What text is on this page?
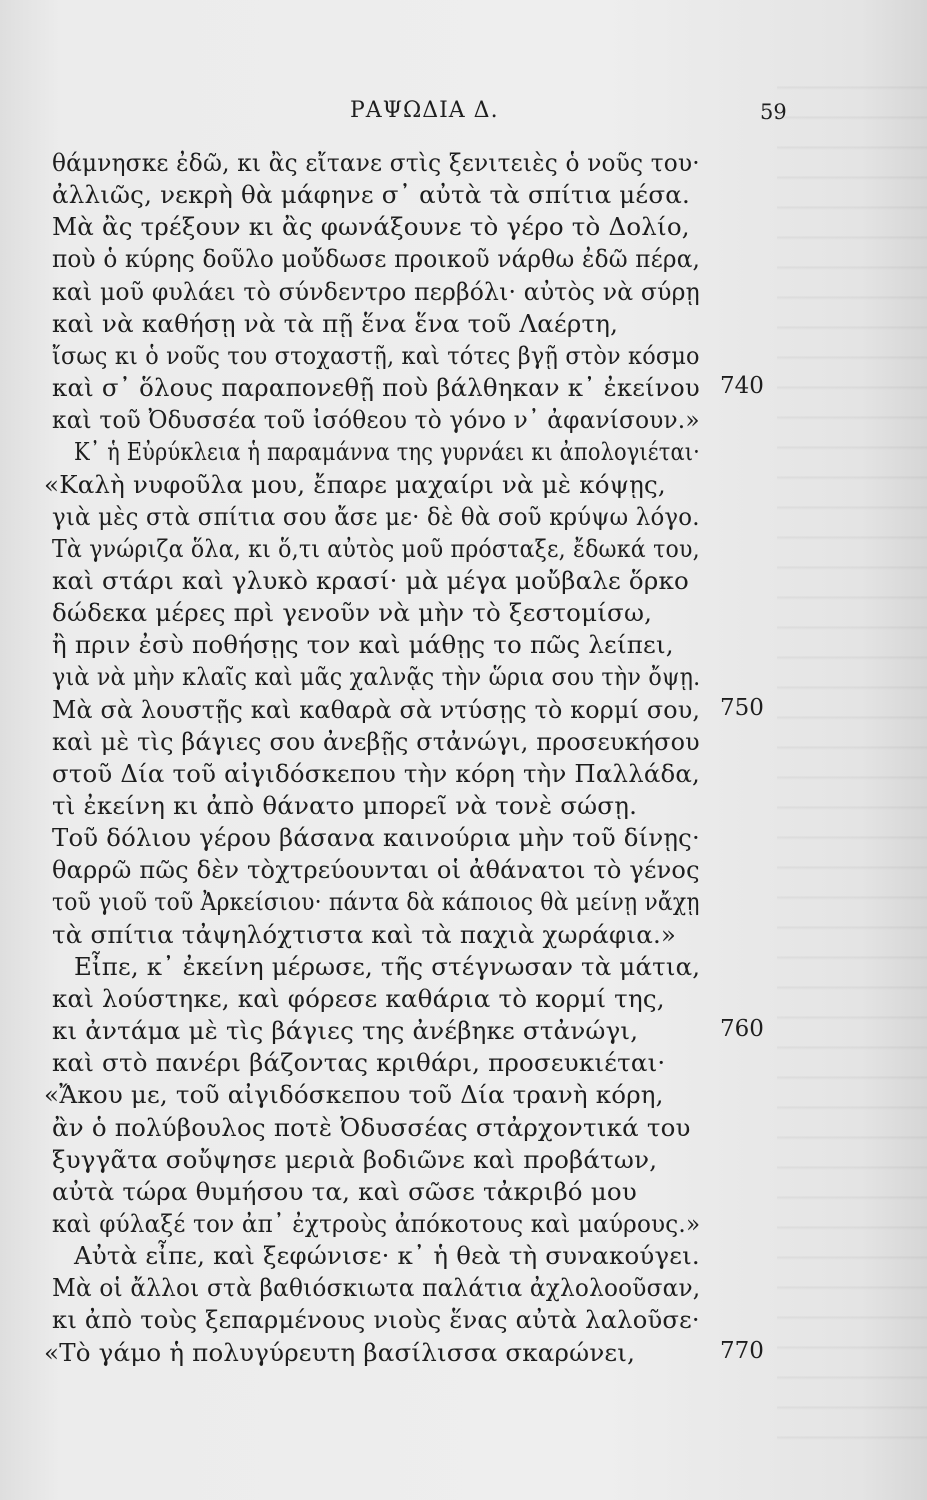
ΡΑΨΩΔΙΑ Δ.	59
θάμνησκε ἐδῶ, κι ἂς εἴτανε στὶς ξενιτειὲς ὁ νοῦς του·
ἀλλιῶς, νεκρὴ θὰ μάφηνε σ᾽ αὐτὰ τὰ σπίτια μέσα.
Μὰ ἂς τρέξουν κι ἂς φωνάξουνε τὸ γέρο τὸ Δολίο,
ποὺ ὁ κύρης δοῦλο μοὔδωσε προικοῦ νάρθω ἐδῶ πέρα,
καὶ μοῦ φυλάει τὸ σύνδεντρο περβόλι· αὐτὸς νὰ σύρῃ
καὶ νὰ καθήσῃ νὰ τὰ πῇ ἕνα ἕνα τοῦ Λαέρτη,
ἴσως κι ὁ νοῦς του στοχαστῇ, καὶ τότες βγῇ στὸν κόσμο
καὶ σ᾽ ὅλους παραπονεθῇ ποὺ βάλθηκαν κ᾽ ἐκείνου 740
καὶ τοῦ Ὀδυσσέα τοῦ ἰσόθεου τὸ γόνο ν᾽ ἀφανίσουν.»
Κ᾽ ἡ Εὐρύκλεια ἡ παραμάννα της γυρνάει κι ἀπολογιέται·
«Καλὴ νυφοῦλα μου, ἔπαρε μαχαίρι νὰ μὲ κόψῃς,
γιὰ μὲς στὰ σπίτια σου ἄσε με· δὲ θὰ σοῦ κρύψω λόγο.
Τὰ γνώριζα ὅλα, κι ὅ,τι αὐτὸς μοῦ πρόσταξε, ἔδωκά του,
καὶ στάρι καὶ γλυκὸ κρασί· μὰ μέγα μοὔβαλε ὅρκο
δώδεκα μέρες πρὶ γενοῦν νὰ μὴν τὸ ξεστομίσω,
ἢ πριν ἐσὺ ποθήσῃς τον καὶ μάθῃς το πῶς λείπει,
γιὰ νὰ μὴν κλαῖς καὶ μᾶς χαλνᾷς τὴν ὥρια σου τὴν ὄψῃ.
Μὰ σὰ λουστῇς καὶ καθαρὰ σὰ ντύσῃς τὸ κορμί σου, 750
καὶ μὲ τὶς βάγιες σου ἀνεβῇς στἀνώγι, προσευκήσου
στοῦ Δία τοῦ αἰγιδόσκεπου τὴν κόρη τὴν Παλλάδα,
τὶ ἐκείνη κι ἀπὸ θάνατο μπορεῖ νὰ τονὲ σώσῃ.
Τοῦ δόλιου γέρου βάσανα καινούρια μὴν τοῦ δίνῃς·
θαρρῶ πῶς δὲν τὸχτρεύουνται οἱ ἀθάνατοι τὸ γένος
τοῦ γιοῦ τοῦ Ἀρκείσιου· πάντα δὰ κάποιος θὰ μείνῃ νἄχῃ
τὰ σπίτια τἀψηλόχτιστα καὶ τὰ παχιὰ χωράφια.»
Εἶπε, κ᾽ ἐκείνη μέρωσε, τῆς στέγνωσαν τὰ μάτια,
καὶ λούστηκε, καὶ φόρεσε καθάρια τὸ κορμί της,
κι ἀντάμα μὲ τὶς βάγιες της ἀνέβηκε στἀνώγι,	760
καὶ στὸ πανέρι βάζοντας κριθάρι, προσευκιέται·
«Ἄκου με, τοῦ αἰγιδόσκεπου τοῦ Δία τρανὴ κόρη,
ἂν ὁ πολύβουλος ποτὲ Ὀδυσσέας στἀρχοντικά του
ξυγγᾶτα σοὔψησε μεριὰ βοδιῶνε καὶ προβάτων,
αὐτὰ τώρα θυμήσου τα, καὶ σῶσε τἀκριβό μου
καὶ φύλαξέ τον ἀπ᾽ ἐχτροὺς ἀπόκοτους καὶ μαύρους.»
Αὐτὰ εἶπε, καὶ ξεφώνισε· κ᾽ ἡ θεὰ τὴ συνακούγει.
Μὰ οἱ ἄλλοι στὰ βαθιόσκιωτα παλάτια ἀχλολοοῦσαν,
κι ἀπὸ τοὺς ξεπαρμένους νιοὺς ἕνας αὐτὰ λαλοῦσε·
«Τὸ γάμο ἡ πολυγύρευτη βασίλισσα σκαρώνει,	770
